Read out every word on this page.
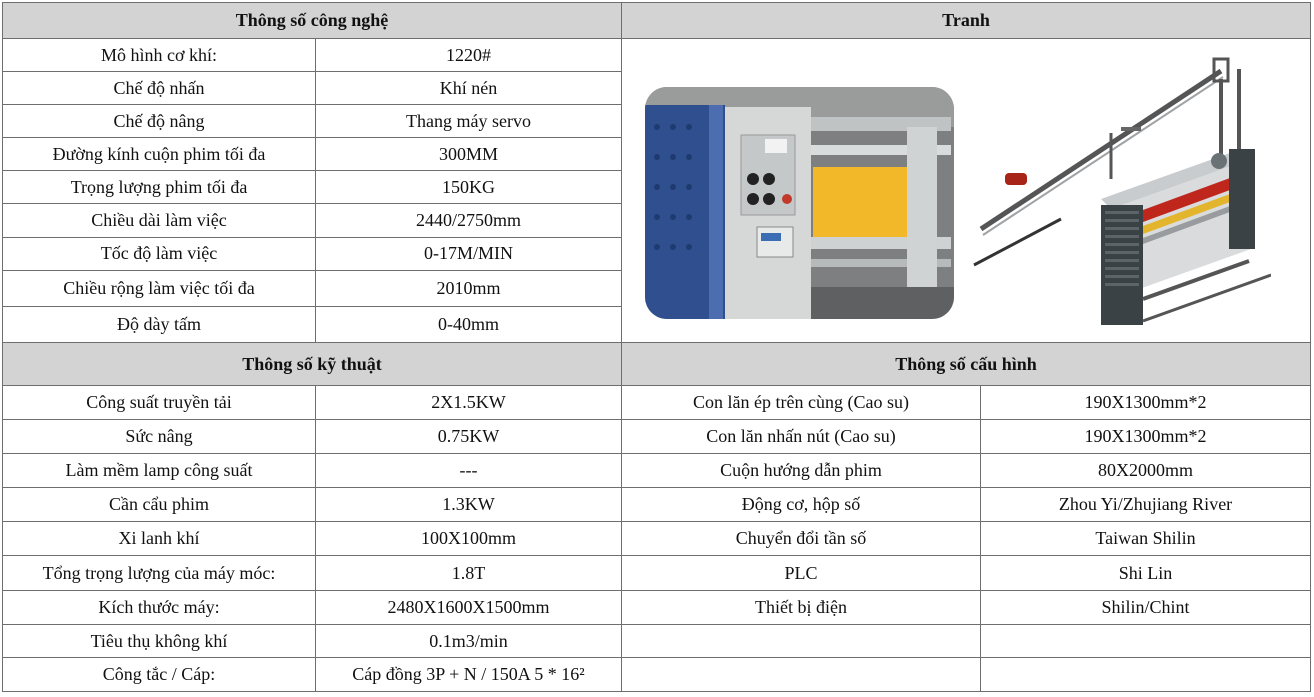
Thông số công nghệ		Tranh	
Mô hình cơ khí:	1220#	

Chế độ nhấn	Khí nén		
Chế độ nâng	Thang máy servo		
Đường kính cuộn phim tối đa	300MM		
Trọng lượng phim tối đa	150KG		
Chiều dài làm việc	2440/2750mm		
Tốc độ làm việc	0-17M/MIN		
Chiều rộng làm việc tối đa	2010mm		
Độ dày tấm	0-40mm		
Thông số kỹ thuật		Thông số cấu hình	
Công suất truyền tải	2X1.5KW	Con lăn ép trên cùng (Cao su)	190X1300mm*2
Sức nâng	0.75KW	Con lăn nhấn nút (Cao su)	190X1300mm*2
Làm mềm lamp công suất	---	Cuộn hướng dẫn phim	80X2000mm
Cần cẩu phim	1.3KW	Động cơ, hộp số	Zhou Yi/Zhujiang River
Xi lanh khí	100X100mm	Chuyển đổi tần số	Taiwan Shilin
Tổng trọng lượng của máy móc:	1.8T	PLC	Shi Lin
Kích thước máy:	2480X1600X1500mm	Thiết bị điện	Shilin/Chint
Tiêu thụ không khí	0.1m3/min		
Công tắc / Cáp:	Cáp đồng 3P + N / 150A 5 * 16²		
